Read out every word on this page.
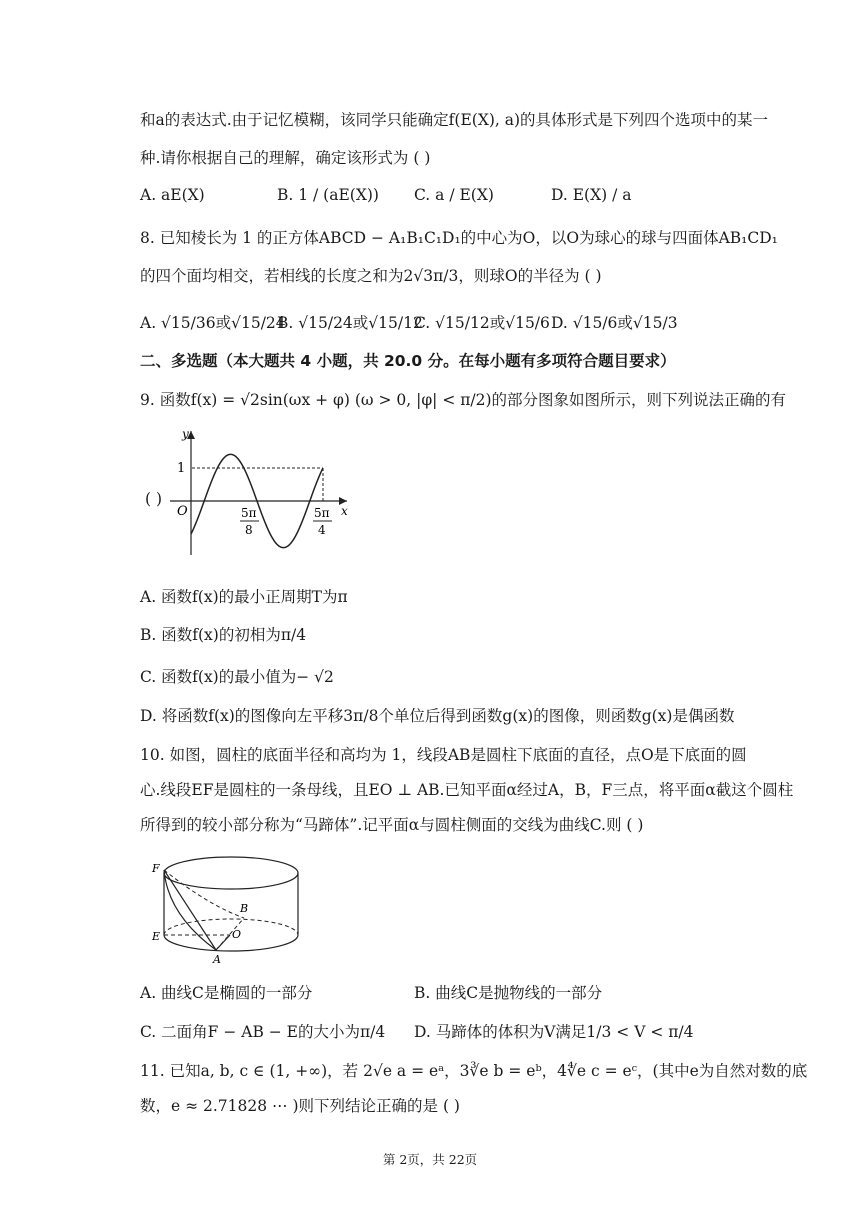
和a的表达式.由于记忆模糊，该同学只能确定f(E(X), a)的具体形式是下列四个选项中的某一
种.请你根据自己的理解，确定该形式为 ( )
A. aE(X)	B. 1 / (aE(X)) C. a / E(X)	D. E(X) / a
8. 已知棱长为 1 的正方体ABCD − A₁B₁C₁D₁的中心为O，以O为球心的球与四面体AB₁CD₁
的四个面均相交，若相线的长度之和为2√3π/3，则球O的半径为 ( )
A. √15/36或√15/24
B. √15/24或√15/12
C. √15/12或√15/6 D. √15/6或√15/3
二、多选题（本大题共 4 小题，共 20.0 分。在每小题有多项符合题目要求）
9. 函数f(x) = √2sin(ωx + φ) (ω > 0, |φ| < π/2)的部分图象如图所示，则下列说法正确的有
( )
y
x
O
1
5π
8
5π
4
A. 函数f(x)的最小正周期T为π
B. 函数f(x)的初相为π/4
C. 函数f(x)的最小值为− √2
D. 将函数f(x)的图像向左平移3π/8个单位后得到函数g(x)的图像，则函数g(x)是偶函数
10. 如图，圆柱的底面半径和高均为 1，线段AB是圆柱下底面的直径，点O是下底面的圆
心.线段EF是圆柱的一条母线，且EO ⊥ AB.已知平面α经过A，B，F三点，将平面α截这个圆柱
所得到的较小部分称为“马蹄体”.记平面α与圆柱侧面的交线为曲线C.则 ( )
F
E
B
O
A
A. 曲线C是椭圆的一部分	B. 曲线C是抛物线的一部分
C. 二面角F − AB − E的大小为π/4 D. 马蹄体的体积为V满足1/3 < V < π/4
11. 已知a, b, c ∈ (1, +∞)，若 2√e a = eᵃ，3∛e b = eᵇ，4∜e c = eᶜ，(其中e为自然对数的底
数，e ≈ 2.71828 ⋯ )则下列结论正确的是 ( )
第 2页，共 22页
